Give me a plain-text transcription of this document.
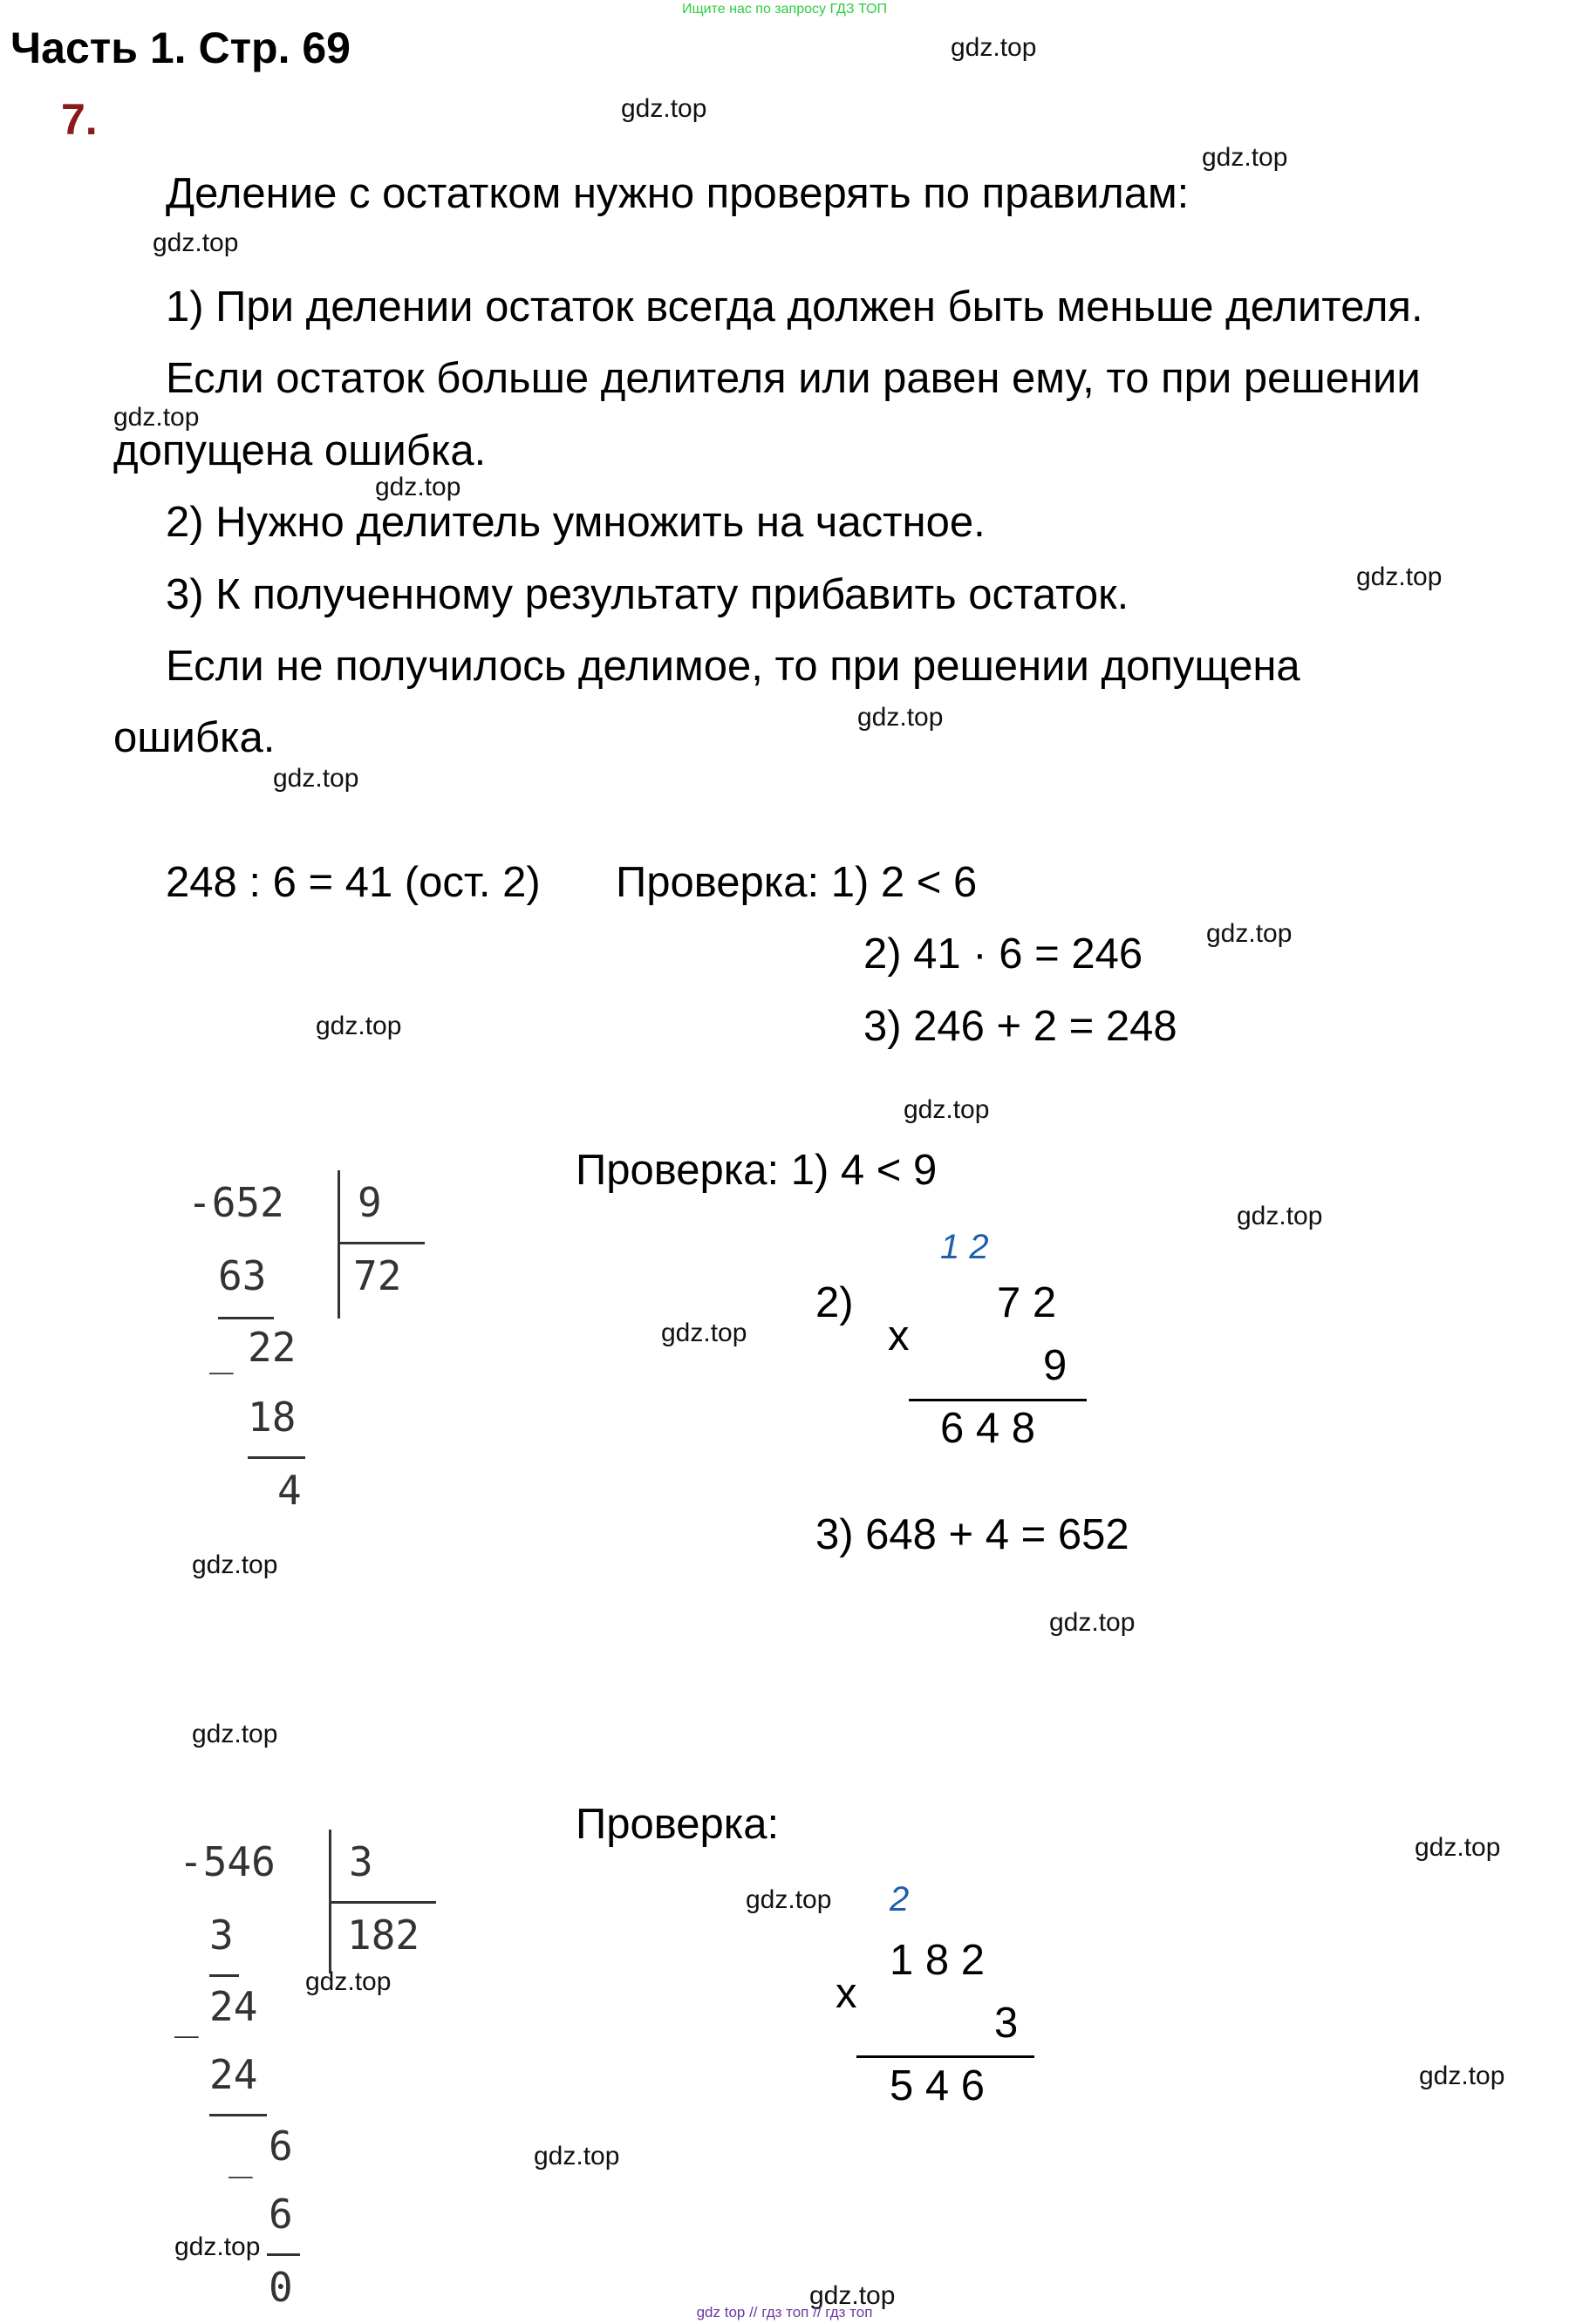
Ищите нас по запросу ГДЗ ТОП
Часть 1. Стр. 69
7.
Деление с остатком нужно проверять по правилам:
1) При делении остаток всегда должен быть меньше делителя.
Если остаток больше делителя или равен ему, то при решении
допущена ошибка.
2) Нужно делитель умножить на частное.
3) К полученному результату прибавить остаток.
Если не получилось делимое, то при решении допущена
ошибка.
248 : 6 = 41 (ост. 2) Проверка: 1) 2 < 6
2) 41 · 6 = 246
3) 246 + 2 = 248
-652 9
72
63
_ 22
18
4
Проверка: 1) 4 < 9
1 2
2)
x
7 2
9
6 4 8
3) 648 + 4 = 652
-546 3
182
3
_ 24
24
_ 6
6
0
Проверка:
2
x
1 8 2
3
5 4 6
gdz.top
gdz.top
gdz.top
gdz.top
gdz.top
gdz.top
gdz.top
gdz.top
gdz.top
gdz.top
gdz.top
gdz.top
gdz.top
gdz.top
gdz.top
gdz.top
gdz.top
gdz.top
gdz.top
gdz.top
gdz.top
gdz.top
gdz.top
gdz.top
gdz top // гдз топ // гдз топ
